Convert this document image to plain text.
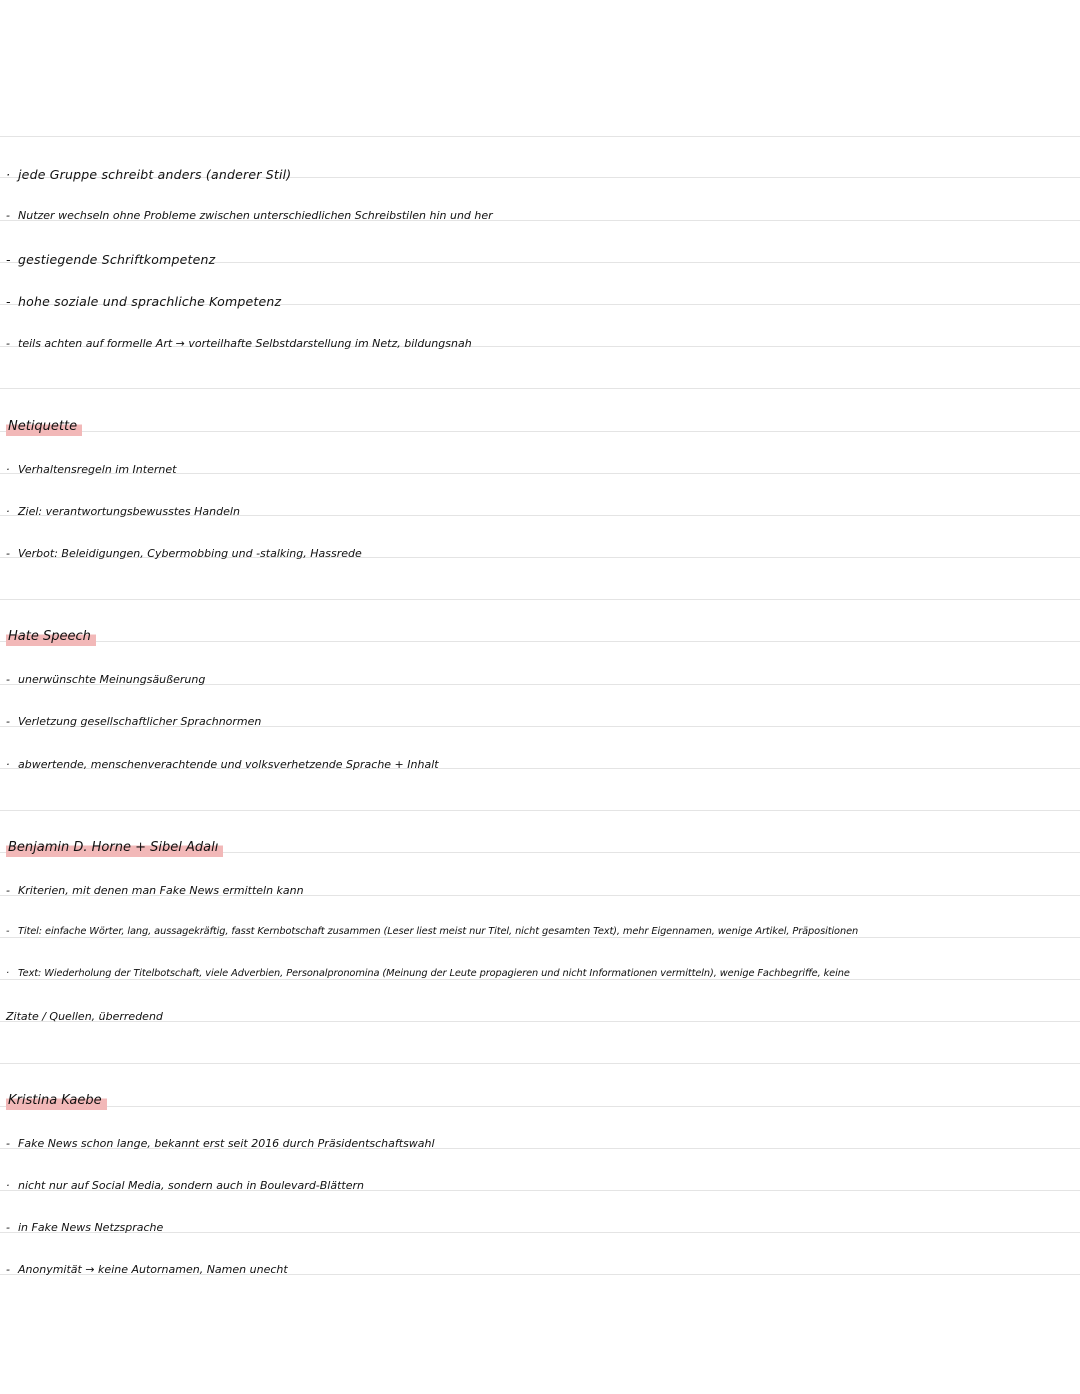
· jede Gruppe schreibt anders (anderer Stil)
- Nutzer wechseln ohne Probleme zwischen unterschiedlichen Schreibstilen hin und her
- gestiegende Schriftkompetenz
- hohe soziale und sprachliche Kompetenz
- teils achten auf formelle Art → vorteilhafte Selbstdarstellung im Netz, bildungsnah
Netiquette
· Verhaltensregeln im Internet
· Ziel: verantwortungsbewusstes Handeln
- Verbot: Beleidigungen, Cybermobbing und -stalking, Hassrede
Hate Speech
- unerwünschte Meinungsäußerung
- Verletzung gesellschaftlicher Sprachnormen
· abwertende, menschenverachtende und volksverhetzende Sprache + Inhalt
Benjamin D. Horne + Sibel Adalı
- Kriterien, mit denen man Fake News ermitteln kann
- Titel: einfache Wörter, lang, aussagekräftig, fasst Kernbotschaft zusammen (Leser liest meist nur Titel, nicht gesamten Text), mehr Eigennamen, wenige Artikel, Präpositionen
· Text: Wiederholung der Titelbotschaft, viele Adverbien, Personalpronomina (Meinung der Leute propagieren und nicht Informationen vermitteln), wenige Fachbegriffe, keine
Zitate / Quellen, überredend
Kristina Kaebe
- Fake News schon lange, bekannt erst seit 2016 durch Präsidentschaftswahl
· nicht nur auf Social Media, sondern auch in Boulevard-Blättern
- in Fake News Netzsprache
- Anonymität → keine Autornamen, Namen unecht
